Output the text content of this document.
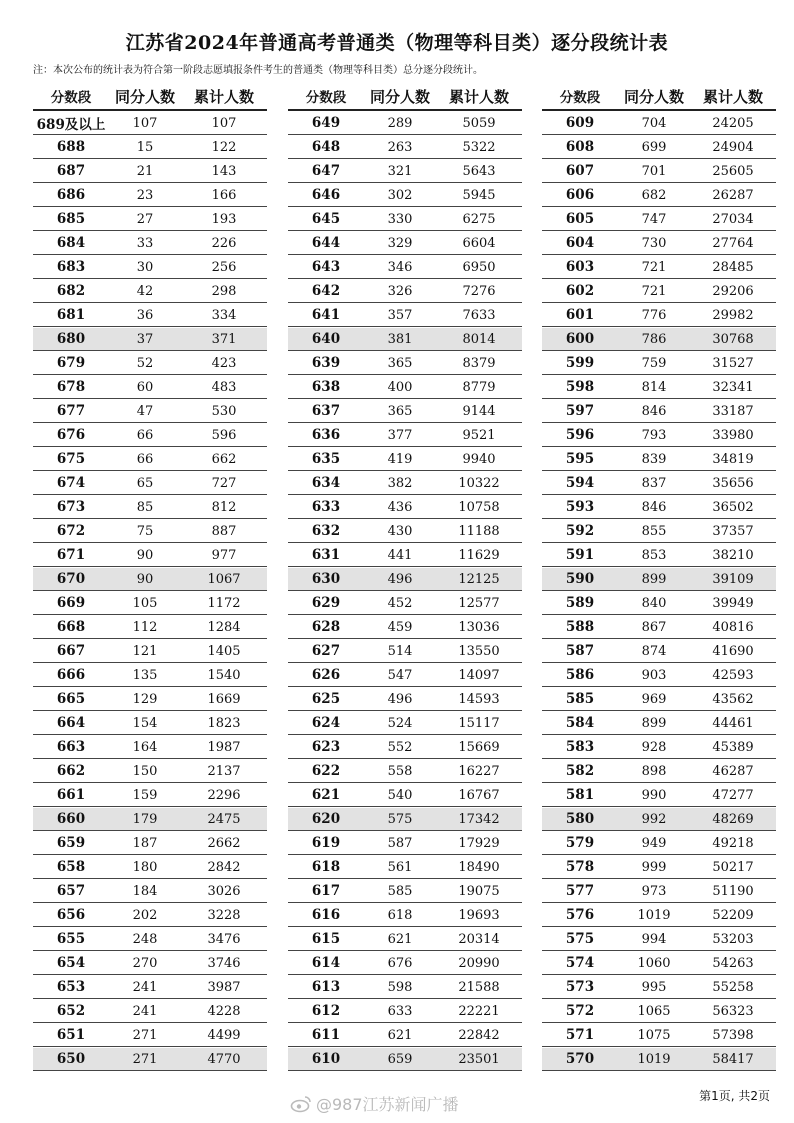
江苏省2024年普通高考普通类（物理等科目类）逐分段统计表
注：本次公布的统计表为符合第一阶段志愿填报条件考生的普通类（物理等科目类）总分逐分段统计。
分数段	同分人数	累计人数
689及以上	107	107
688	15	122
687	21	143
686	23	166
685	27	193
684	33	226
683	30	256
682	42	298
681	36	334
680	37	371
679	52	423
678	60	483
677	47	530
676	66	596
675	66	662
674	65	727
673	85	812
672	75	887
671	90	977
670	90	1067
669	105	1172
668	112	1284
667	121	1405
666	135	1540
665	129	1669
664	154	1823
663	164	1987
662	150	2137
661	159	2296
660	179	2475
659	187	2662
658	180	2842
657	184	3026
656	202	3228
655	248	3476
654	270	3746
653	241	3987
652	241	4228
651	271	4499
650	271	4770
分数段	同分人数	累计人数
649	289	5059
648	263	5322
647	321	5643
646	302	5945
645	330	6275
644	329	6604
643	346	6950
642	326	7276
641	357	7633
640	381	8014
639	365	8379
638	400	8779
637	365	9144
636	377	9521
635	419	9940
634	382	10322
633	436	10758
632	430	11188
631	441	11629
630	496	12125
629	452	12577
628	459	13036
627	514	13550
626	547	14097
625	496	14593
624	524	15117
623	552	15669
622	558	16227
621	540	16767
620	575	17342
619	587	17929
618	561	18490
617	585	19075
616	618	19693
615	621	20314
614	676	20990
613	598	21588
612	633	22221
611	621	22842
610	659	23501
分数段	同分人数	累计人数
609	704	24205
608	699	24904
607	701	25605
606	682	26287
605	747	27034
604	730	27764
603	721	28485
602	721	29206
601	776	29982
600	786	30768
599	759	31527
598	814	32341
597	846	33187
596	793	33980
595	839	34819
594	837	35656
593	846	36502
592	855	37357
591	853	38210
590	899	39109
589	840	39949
588	867	40816
587	874	41690
586	903	42593
585	969	43562
584	899	44461
583	928	45389
582	898	46287
581	990	47277
580	992	48269
579	949	49218
578	999	50217
577	973	51190
576	1019	52209
575	994	53203
574	1060	54263
573	995	55258
572	1065	56323
571	1075	57398
570	1019	58417
@987江苏新闻广播	第1页, 共2页
